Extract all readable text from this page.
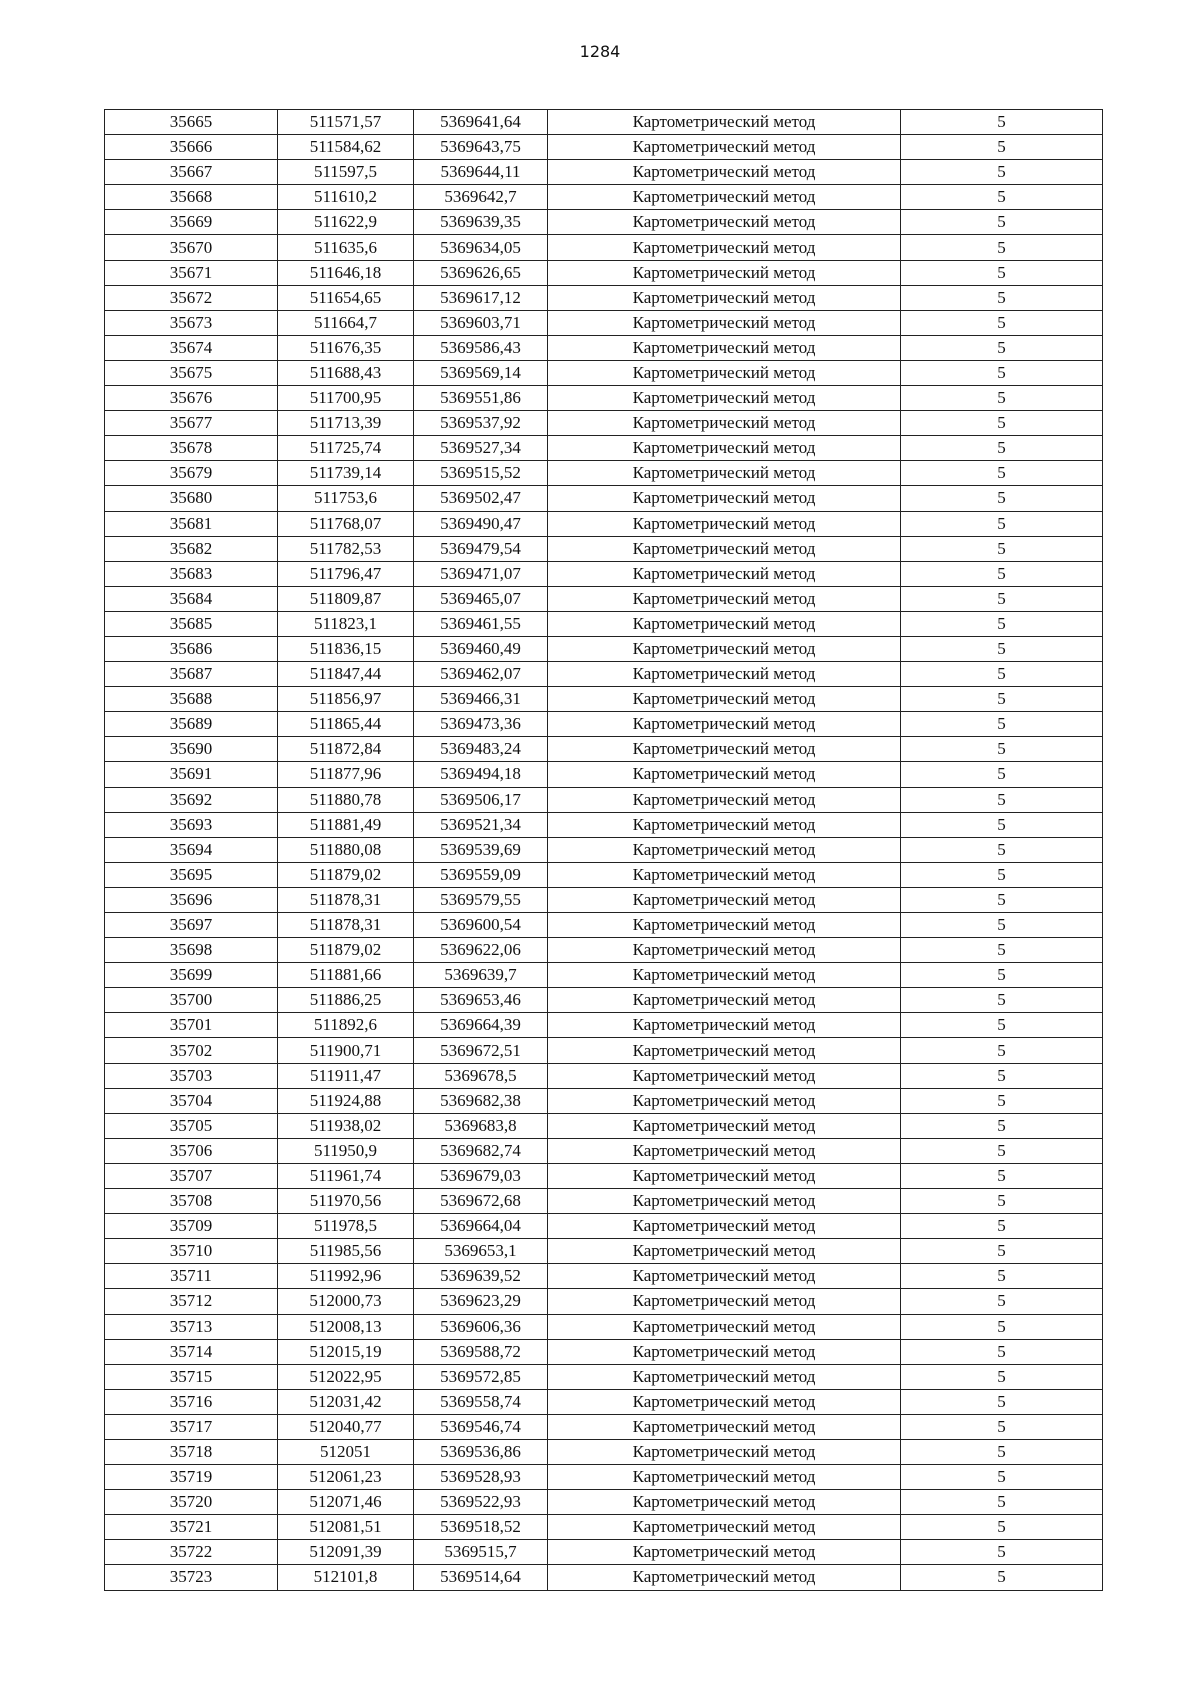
1284
35665	511571,57	5369641,64	Картометрический метод	5
35666	511584,62	5369643,75	Картометрический метод	5
35667	511597,5	5369644,11	Картометрический метод	5
35668	511610,2	5369642,7	Картометрический метод	5
35669	511622,9	5369639,35	Картометрический метод	5
35670	511635,6	5369634,05	Картометрический метод	5
35671	511646,18	5369626,65	Картометрический метод	5
35672	511654,65	5369617,12	Картометрический метод	5
35673	511664,7	5369603,71	Картометрический метод	5
35674	511676,35	5369586,43	Картометрический метод	5
35675	511688,43	5369569,14	Картометрический метод	5
35676	511700,95	5369551,86	Картометрический метод	5
35677	511713,39	5369537,92	Картометрический метод	5
35678	511725,74	5369527,34	Картометрический метод	5
35679	511739,14	5369515,52	Картометрический метод	5
35680	511753,6	5369502,47	Картометрический метод	5
35681	511768,07	5369490,47	Картометрический метод	5
35682	511782,53	5369479,54	Картометрический метод	5
35683	511796,47	5369471,07	Картометрический метод	5
35684	511809,87	5369465,07	Картометрический метод	5
35685	511823,1	5369461,55	Картометрический метод	5
35686	511836,15	5369460,49	Картометрический метод	5
35687	511847,44	5369462,07	Картометрический метод	5
35688	511856,97	5369466,31	Картометрический метод	5
35689	511865,44	5369473,36	Картометрический метод	5
35690	511872,84	5369483,24	Картометрический метод	5
35691	511877,96	5369494,18	Картометрический метод	5
35692	511880,78	5369506,17	Картометрический метод	5
35693	511881,49	5369521,34	Картометрический метод	5
35694	511880,08	5369539,69	Картометрический метод	5
35695	511879,02	5369559,09	Картометрический метод	5
35696	511878,31	5369579,55	Картометрический метод	5
35697	511878,31	5369600,54	Картометрический метод	5
35698	511879,02	5369622,06	Картометрический метод	5
35699	511881,66	5369639,7	Картометрический метод	5
35700	511886,25	5369653,46	Картометрический метод	5
35701	511892,6	5369664,39	Картометрический метод	5
35702	511900,71	5369672,51	Картометрический метод	5
35703	511911,47	5369678,5	Картометрический метод	5
35704	511924,88	5369682,38	Картометрический метод	5
35705	511938,02	5369683,8	Картометрический метод	5
35706	511950,9	5369682,74	Картометрический метод	5
35707	511961,74	5369679,03	Картометрический метод	5
35708	511970,56	5369672,68	Картометрический метод	5
35709	511978,5	5369664,04	Картометрический метод	5
35710	511985,56	5369653,1	Картометрический метод	5
35711	511992,96	5369639,52	Картометрический метод	5
35712	512000,73	5369623,29	Картометрический метод	5
35713	512008,13	5369606,36	Картометрический метод	5
35714	512015,19	5369588,72	Картометрический метод	5
35715	512022,95	5369572,85	Картометрический метод	5
35716	512031,42	5369558,74	Картометрический метод	5
35717	512040,77	5369546,74	Картометрический метод	5
35718	512051	5369536,86	Картометрический метод	5
35719	512061,23	5369528,93	Картометрический метод	5
35720	512071,46	5369522,93	Картометрический метод	5
35721	512081,51	5369518,52	Картометрический метод	5
35722	512091,39	5369515,7	Картометрический метод	5
35723	512101,8	5369514,64	Картометрический метод	5
